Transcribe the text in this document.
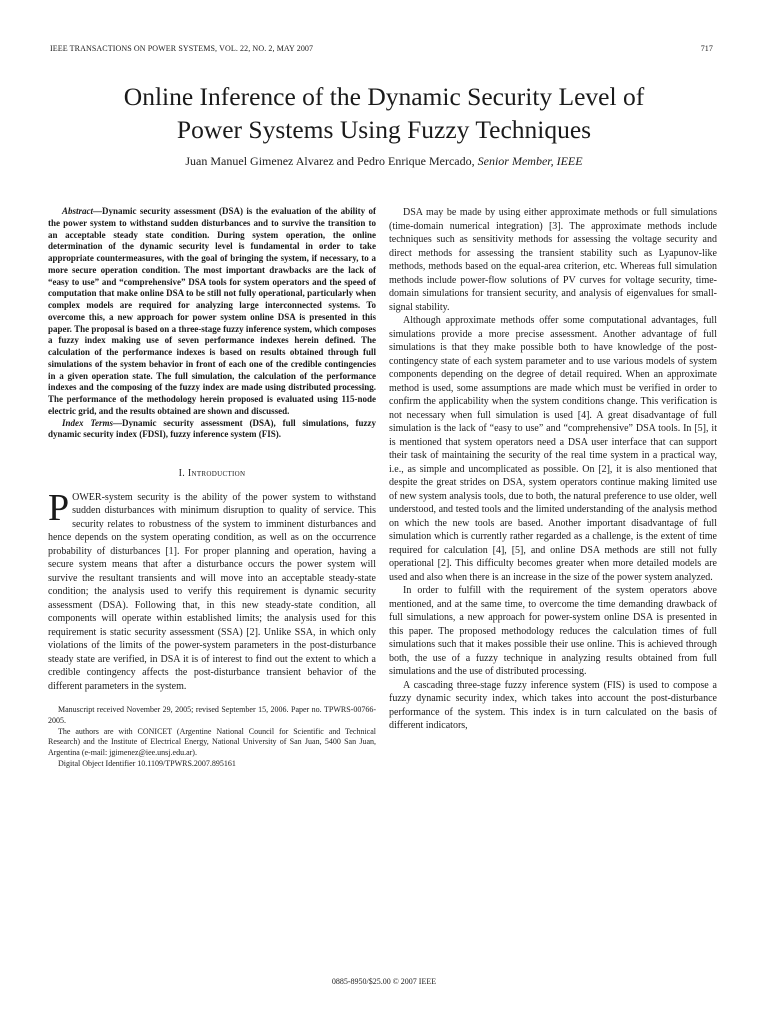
IEEE TRANSACTIONS ON POWER SYSTEMS, VOL. 22, NO. 2, MAY 2007	717
Online Inference of the Dynamic Security Level of
Power Systems Using Fuzzy Techniques
Juan Manuel Gimenez Alvarez and Pedro Enrique Mercado, Senior Member, IEEE

Abstract—Dynamic security assessment (DSA) is the evaluation of the ability of the power system to withstand sudden disturbances and to survive the transition to an acceptable steady state condition. During system operation, the online determination of the dynamic security level is fundamental in order to take appropriate countermeasures, with the goal of bringing the system, if necessary, to a more secure operation condition. The most important drawbacks are the lack of “easy to use” and “comprehensive” DSA tools for system operators and the speed of computation that make online DSA to be still not fully operational, particularly when complex models are required for analyzing large interconnected systems. To overcome this, a new approach for power system online DSA is presented in this paper. The proposal is based on a three-stage fuzzy inference system, which composes a fuzzy index making use of seven performance indexes herein defined. The calculation of the performance indexes is based on results obtained through full simulations of the system behavior in front of each one of the credible contingencies in a given operation state. The full simulation, the calculation of the performance indexes and the composing of the fuzzy index are made using distributed processing. The performance of the methodology herein proposed is evaluated using 115-node electric grid, and the results obtained are shown and discussed.

Index Terms—Dynamic security assessment (DSA), full simulations, fuzzy dynamic security index (FDSI), fuzzy inference system (FIS).

I. Introduction

POWER-system security is the ability of the power system to withstand sudden disturbances with minimum disruption to quality of service. This security relates to robustness of the system to imminent disturbances and hence depends on the system operating condition, as well as on the occurrence probability of disturbances [1]. For proper planning and operation, having a secure system means that after a disturbance occurs the power system will survive the resultant transients and will move into an acceptable steady-state condition; the analysis used to verify this requirement is dynamic security assessment (DSA). Following that, in this new steady-state condition, all components will operate within established limits; the analysis used for this requirement is static security assessment (SSA) [2]. Unlike SSA, in which only violations of the limits of the power-system parameters in the post-disturbance steady state are verified, in DSA it is of interest to find out the extent to which a credible contingency affects the post-disturbance transient behavior of the different parameters in the system.

Manuscript received November 29, 2005; revised September 15, 2006. Paper no. TPWRS-00766-2005.

The authors are with CONICET (Argentine National Council for Scientific and Technical Research) and the Institute of Electrical Energy, National University of San Juan, 5400 San Juan, Argentina (e-mail: jgimenez@iee.unsj.edu.ar).

Digital Object Identifier 10.1109/TPWRS.2007.895161

DSA may be made by using either approximate methods or full simulations (time-domain numerical integration) [3]. The approximate methods include techniques such as sensitivity methods for assessing the voltage security and direct methods for assessing the transient stability such as Lyapunov-like methods, methods based on the equal-area criterion, etc. Whereas full simulation methods include power-flow solutions of PV curves for voltage security, time-domain simulations for transient security, and analysis of eigenvalues for small-signal stability.

Although approximate methods offer some computational advantages, full simulations provide a more precise assessment. Another advantage of full simulations is that they make possible both to have knowledge of the post-contingency state of each system parameter and to use various models of system components depending on the degree of detail required. When an approximate method is used, some assumptions are made which must be verified in order to confirm the applicability when the system conditions change. This verification is not necessary when full simulation is used [4]. A great disadvantage of full simulation is the lack of “easy to use” and “comprehensive” DSA tools. In [5], it is mentioned that system operators need a DSA user interface that can support their task of maintaining the security of the real time system in a practical way, i.e., as simple and uncomplicated as possible. On [2], it is also mentioned that despite the great strides on DSA, system operators continue making limited use of new system analysis tools, due to both, the natural preference to use older, well understood, and tested tools and the limited understanding of the analysis method on which the new tools are based. Another important disadvantage of full simulation which is currently rather regarded as a challenge, is the extent of time required for calculation [4], [5], and online DSA methods are still not fully operational [2]. This difficulty becomes greater when more detailed models are used and also when there is an increase in the size of the power system analyzed.

In order to fulfill with the requirement of the system operators above mentioned, and at the same time, to overcome the time demanding drawback of full simulations, a new approach for power-system online DSA is presented in this paper. The proposed methodology reduces the calculation times of full simulations such that it makes possible their use online. This is achieved through both, the use of a fuzzy technique in analyzing results obtained from full simulations and the use of distributed processing.

A cascading three-stage fuzzy inference system (FIS) is used to compose a fuzzy dynamic security index, which takes into account the post-disturbance performance of the system. This index is in turn calculated on the basis of different indicators,

0885-8950/$25.00 © 2007 IEEE
